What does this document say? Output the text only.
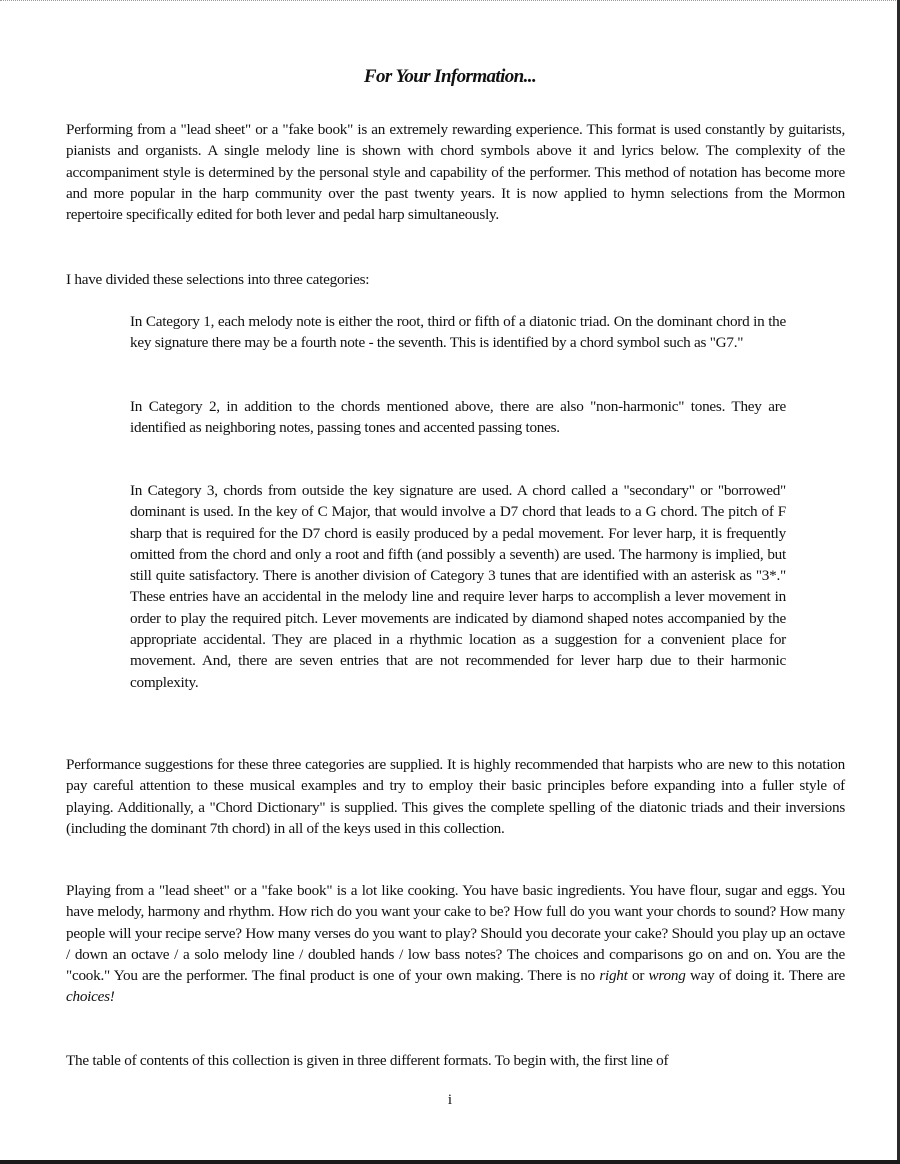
For Your Information...

Performing from a "lead sheet" or a "fake book" is an extremely rewarding experience. This format is used constantly by guitarists, pianists and organists. A single melody line is shown with chord symbols above it and lyrics below. The complexity of the accompaniment style is determined by the personal style and capability of the performer. This method of notation has become more and more popular in the harp community over the past twenty years. It is now applied to hymn selections from the Mormon repertoire specifically edited for both lever and pedal harp simultaneously.

I have divided these selections into three categories:

In Category 1, each melody note is either the root, third or fifth of a diatonic triad. On the dominant chord in the key signature there may be a fourth note - the seventh. This is identified by a chord symbol such as "G7."

In Category 2, in addition to the chords mentioned above, there are also "non-harmonic" tones. They are identified as neighboring notes, passing tones and accented passing tones.

In Category 3, chords from outside the key signature are used. A chord called a "secondary" or "borrowed" dominant is used. In the key of C Major, that would involve a D7 chord that leads to a G chord. The pitch of F sharp that is required for the D7 chord is easily produced by a pedal movement. For lever harp, it is frequently omitted from the chord and only a root and fifth (and possibly a seventh) are used. The harmony is implied, but still quite satisfactory. There is another division of Category 3 tunes that are identified with an asterisk as "3*." These entries have an accidental in the melody line and require lever harps to accomplish a lever movement in order to play the required pitch. Lever movements are indicated by diamond shaped notes accompanied by the appropriate accidental. They are placed in a rhythmic location as a suggestion for a convenient place for movement. And, there are seven entries that are not recommended for lever harp due to their harmonic complexity.

Performance suggestions for these three categories are supplied. It is highly recommended that harpists who are new to this notation pay careful attention to these musical examples and try to employ their basic principles before expanding into a fuller style of playing. Additionally, a "Chord Dictionary" is supplied. This gives the complete spelling of the diatonic triads and their inversions (including the dominant 7th chord) in all of the keys used in this collection.

Playing from a "lead sheet" or a "fake book" is a lot like cooking. You have basic ingredients. You have flour, sugar and eggs. You have melody, harmony and rhythm. How rich do you want your cake to be? How full do you want your chords to sound? How many people will your recipe serve? How many verses do you want to play? Should you decorate your cake? Should you play up an octave / down an octave / a solo melody line / doubled hands / low bass notes? The choices and comparisons go on and on. You are the "cook." You are the performer. The final product is one of your own making. There is no right or wrong way of doing it. There are choices!

The table of contents of this collection is given in three different formats. To begin with, the first line of

i
